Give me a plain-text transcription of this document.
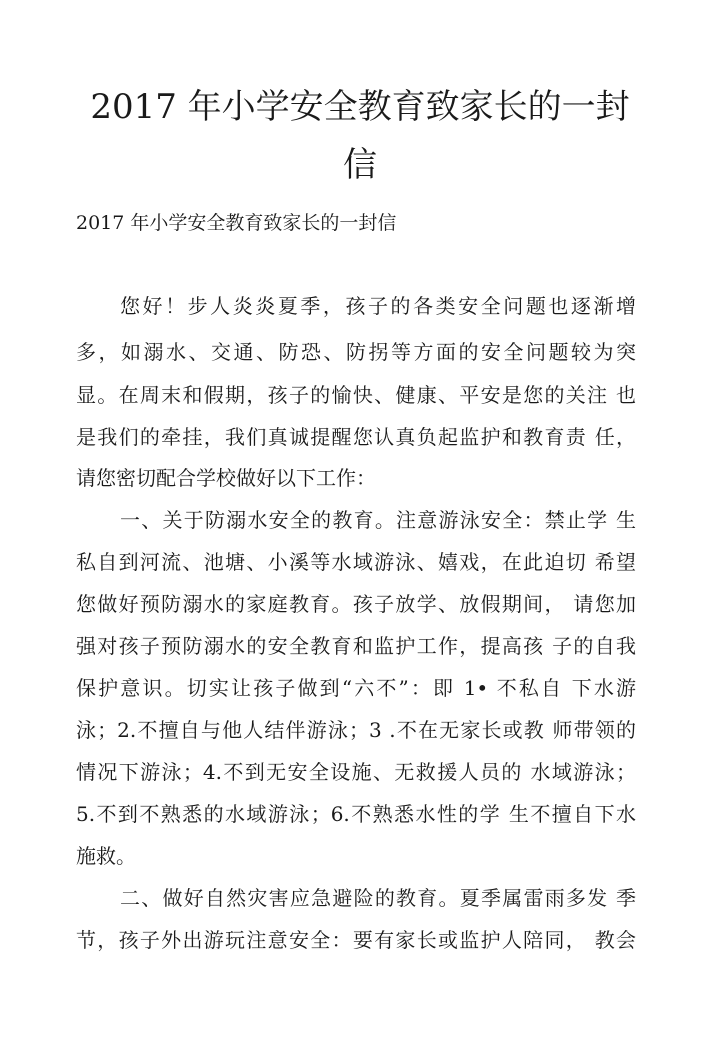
2017 年小学安全教育致家长的一封
信

2017 年小学安全教育致家长的一封信

您好！步人炎炎夏季，孩子的各类安全问题也逐渐增

多，如溺水、交通、防恐、防拐等方面的安全问题较为突

显。在周末和假期，孩子的愉快、健康、平安是您的关注 也

是我们的牵挂，我们真诚提醒您认真负起监护和教育责 任，

请您密切配合学校做好以下工作：

一、关于防溺水安全的教育。注意游泳安全：禁止学 生

私自到河流、池塘、小溪等水域游泳、嬉戏，在此迫切 希望

您做好预防溺水的家庭教育。孩子放学、放假期间， 请您加

强对孩子预防溺水的安全教育和监护工作，提高孩 子的自我

保护意识。切实让孩子做到“六不”：即 1• 不私自 下水游

泳；2.不擅自与他人结伴游泳；3 .不在无家长或教 师带领的

情况下游泳；4.不到无安全设施、无救援人员的 水域游泳；

5.不到不熟悉的水域游泳；6.不熟悉水性的学 生不擅自下水

施救。

二、做好自然灾害应急避险的教育。夏季属雷雨多发 季

节，孩子外出游玩注意安全：要有家长或监护人陪同， 教会
